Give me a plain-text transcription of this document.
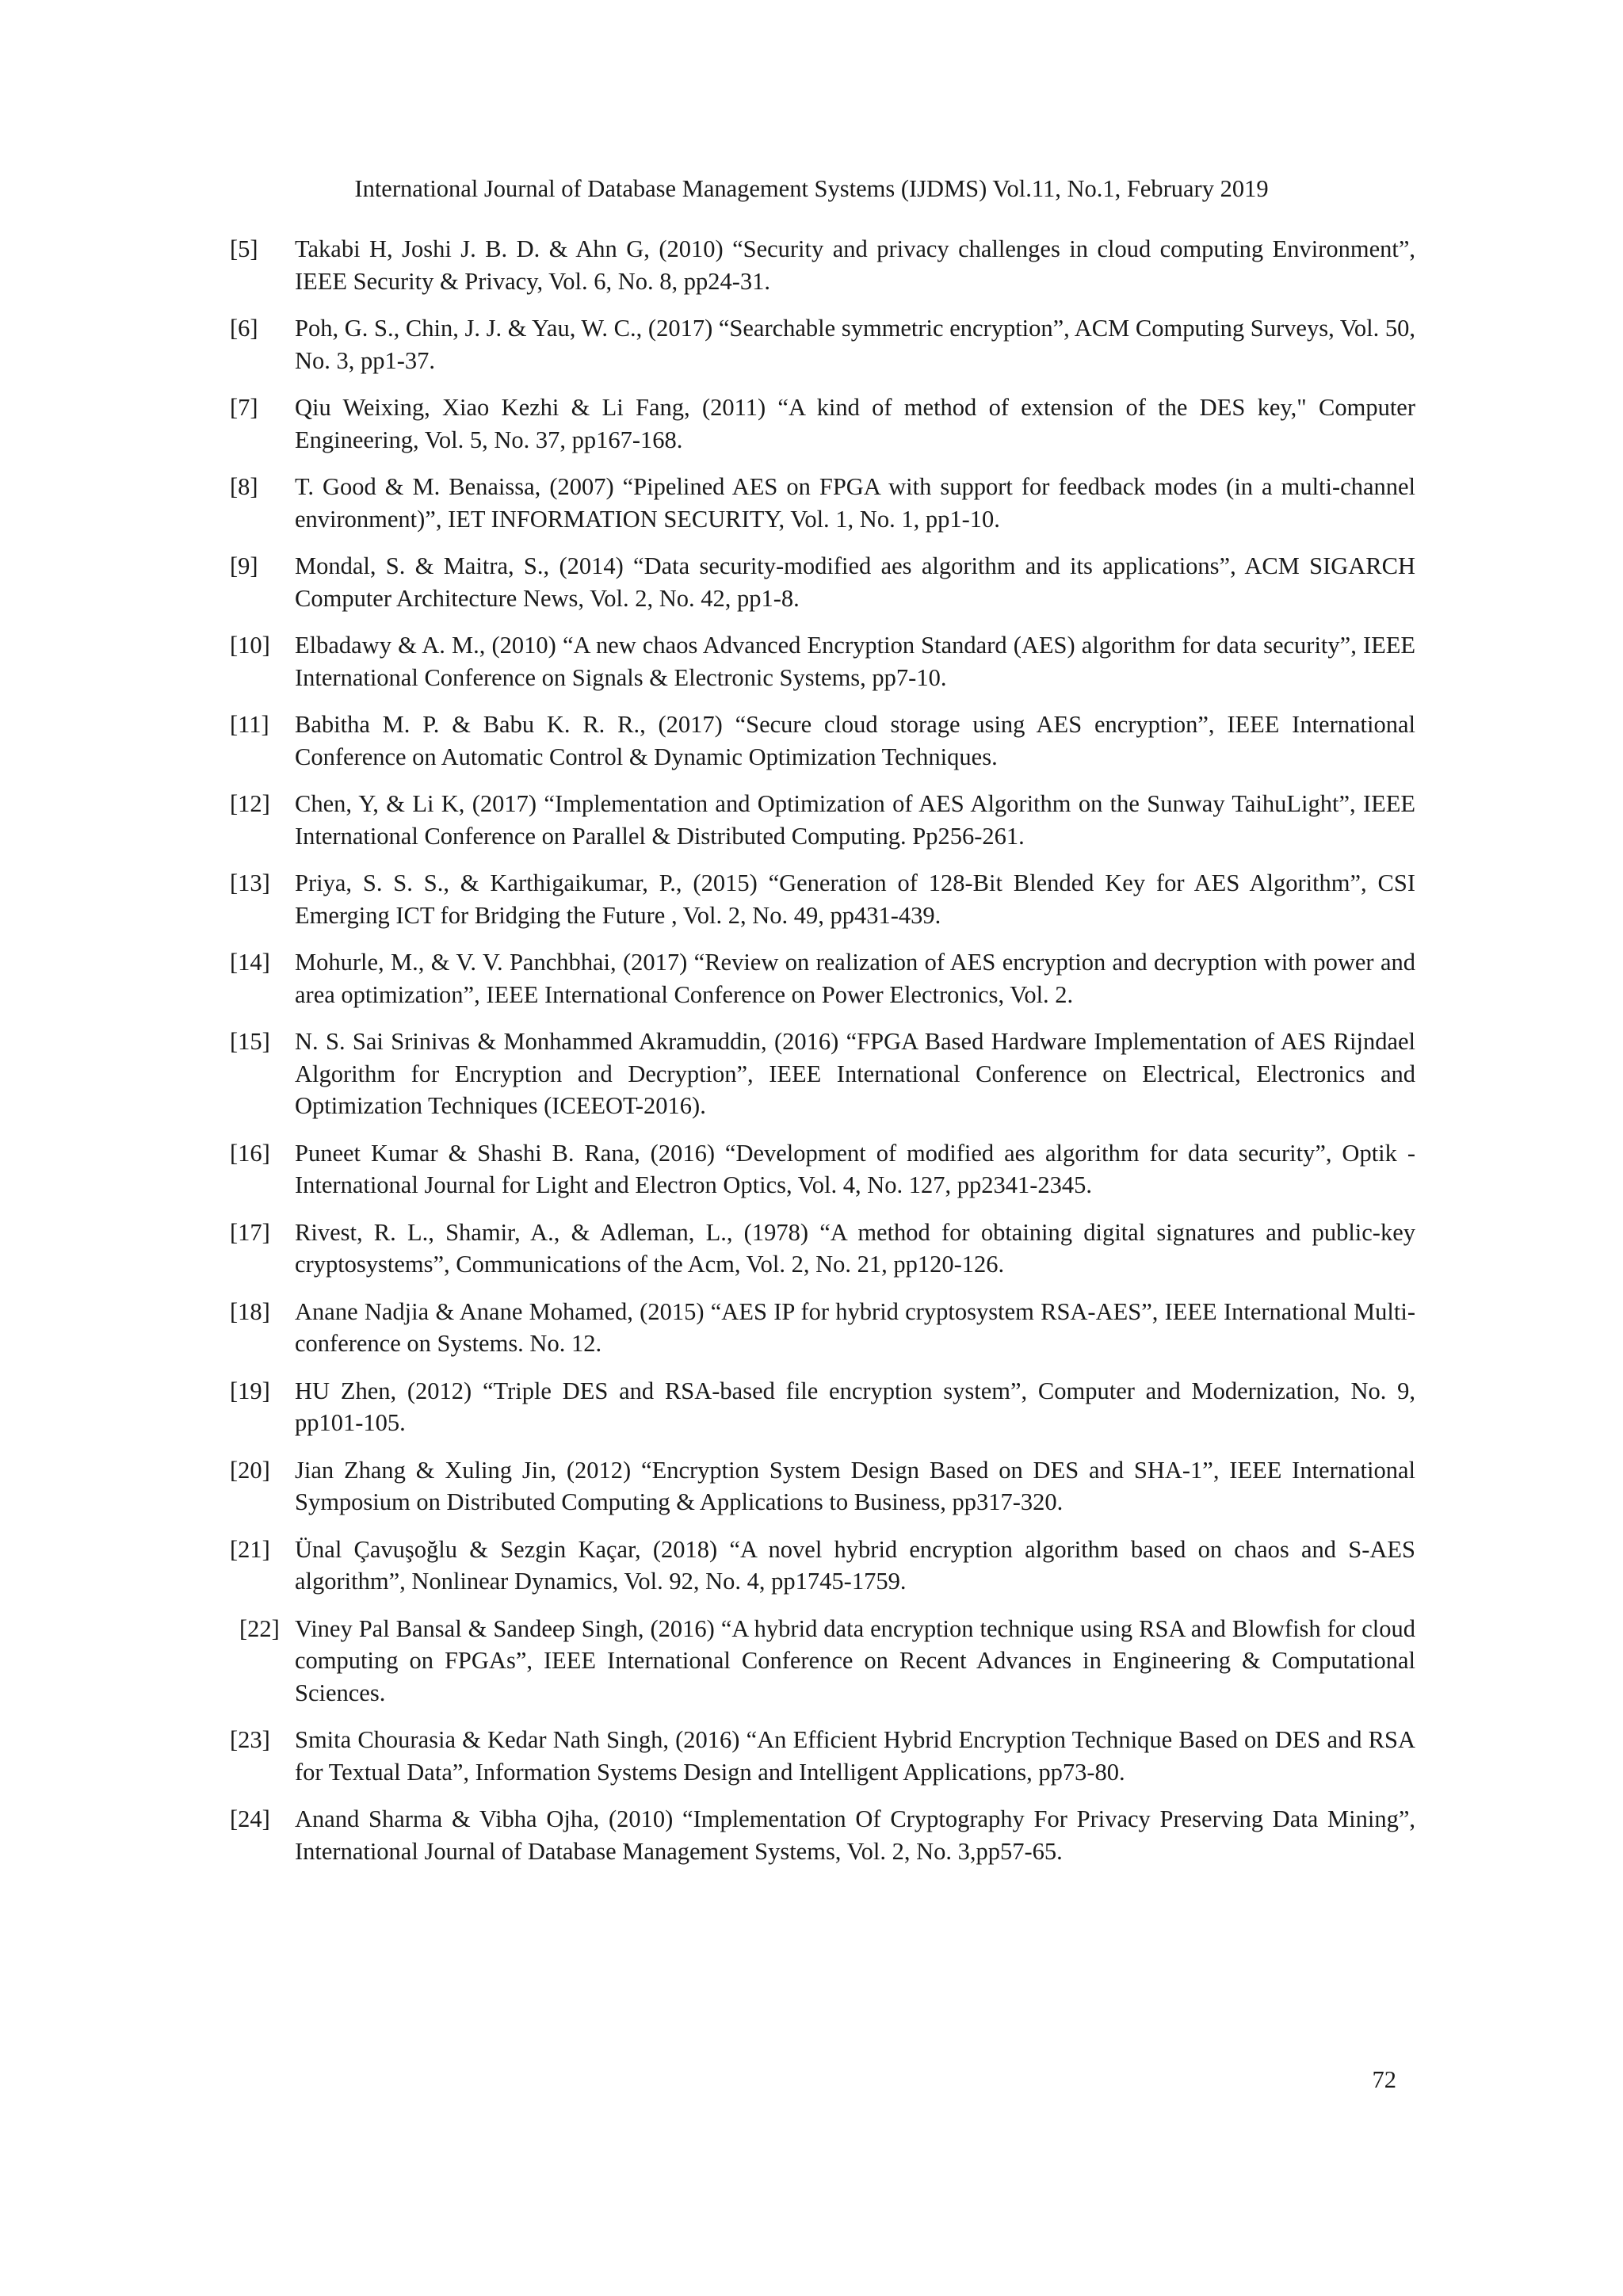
International Journal of Database Management Systems (IJDMS) Vol.11, No.1, February 2019
[5] Takabi H, Joshi J. B. D. & Ahn G, (2010) “Security and privacy challenges in cloud computing Environment”, IEEE Security & Privacy, Vol. 6, No. 8, pp24-31.
[6] Poh, G. S., Chin, J. J. & Yau, W. C., (2017) “Searchable symmetric encryption”, ACM Computing Surveys, Vol. 50, No. 3, pp1-37.
[7] Qiu Weixing, Xiao Kezhi & Li Fang, (2011) “A kind of method of extension of the DES key," Computer Engineering, Vol. 5, No. 37, pp167-168.
[8] T. Good & M. Benaissa, (2007) “Pipelined AES on FPGA with support for feedback modes (in a multi-channel environment)”, IET INFORMATION SECURITY, Vol. 1, No. 1, pp1-10.
[9] Mondal, S. & Maitra, S., (2014) “Data security-modified aes algorithm and its applications”, ACM SIGARCH Computer Architecture News, Vol. 2, No. 42, pp1-8.
[10] Elbadawy & A. M., (2010) “A new chaos Advanced Encryption Standard (AES) algorithm for data security”, IEEE International Conference on Signals & Electronic Systems, pp7-10.
[11] Babitha M. P. & Babu K. R. R., (2017) “Secure cloud storage using AES encryption”, IEEE International Conference on Automatic Control & Dynamic Optimization Techniques.
[12] Chen, Y, & Li K, (2017) “Implementation and Optimization of AES Algorithm on the Sunway TaihuLight”, IEEE International Conference on Parallel & Distributed Computing. Pp256-261.
[13] Priya, S. S. S., & Karthigaikumar, P., (2015) “Generation of 128-Bit Blended Key for AES Algorithm”, CSI Emerging ICT for Bridging the Future , Vol. 2, No. 49, pp431-439.
[14] Mohurle, M., & V. V. Panchbhai, (2017) “Review on realization of AES encryption and decryption with power and area optimization”, IEEE International Conference on Power Electronics, Vol. 2.
[15] N. S. Sai Srinivas & Monhammed Akramuddin, (2016) “FPGA Based Hardware Implementation of AES Rijndael Algorithm for Encryption and Decryption”, IEEE International Conference on Electrical, Electronics and Optimization Techniques (ICEEOT-2016).
[16] Puneet Kumar & Shashi B. Rana, (2016) “Development of modified aes algorithm for data security”, Optik - International Journal for Light and Electron Optics, Vol. 4, No. 127, pp2341-2345.
[17] Rivest, R. L., Shamir, A., & Adleman, L., (1978) “A method for obtaining digital signatures and public-key cryptosystems”, Communications of the Acm, Vol. 2, No. 21, pp120-126.
[18] Anane Nadjia & Anane Mohamed, (2015) “AES IP for hybrid cryptosystem RSA-AES”, IEEE International Multi-conference on Systems. No. 12.
[19] HU Zhen, (2012) “Triple DES and RSA-based file encryption system”, Computer and Modernization, No. 9, pp101-105.
[20] Jian Zhang & Xuling Jin, (2012) “Encryption System Design Based on DES and SHA-1”, IEEE International Symposium on Distributed Computing & Applications to Business, pp317-320.
[21] Ünal Çavuşoğlu & Sezgin Kaçar, (2018) “A novel hybrid encryption algorithm based on chaos and S-AES algorithm”, Nonlinear Dynamics, Vol. 92, No. 4, pp1745-1759.
[22] Viney Pal Bansal & Sandeep Singh, (2016) “A hybrid data encryption technique using RSA and Blowfish for cloud computing on FPGAs”, IEEE International Conference on Recent Advances in Engineering & Computational Sciences.
[23] Smita Chourasia & Kedar Nath Singh, (2016) “An Efficient Hybrid Encryption Technique Based on DES and RSA for Textual Data”, Information Systems Design and Intelligent Applications, pp73-80.
[24] Anand Sharma & Vibha Ojha, (2010) “Implementation Of Cryptography For Privacy Preserving Data Mining”, International Journal of Database Management Systems, Vol. 2, No. 3,pp57-65.
72
